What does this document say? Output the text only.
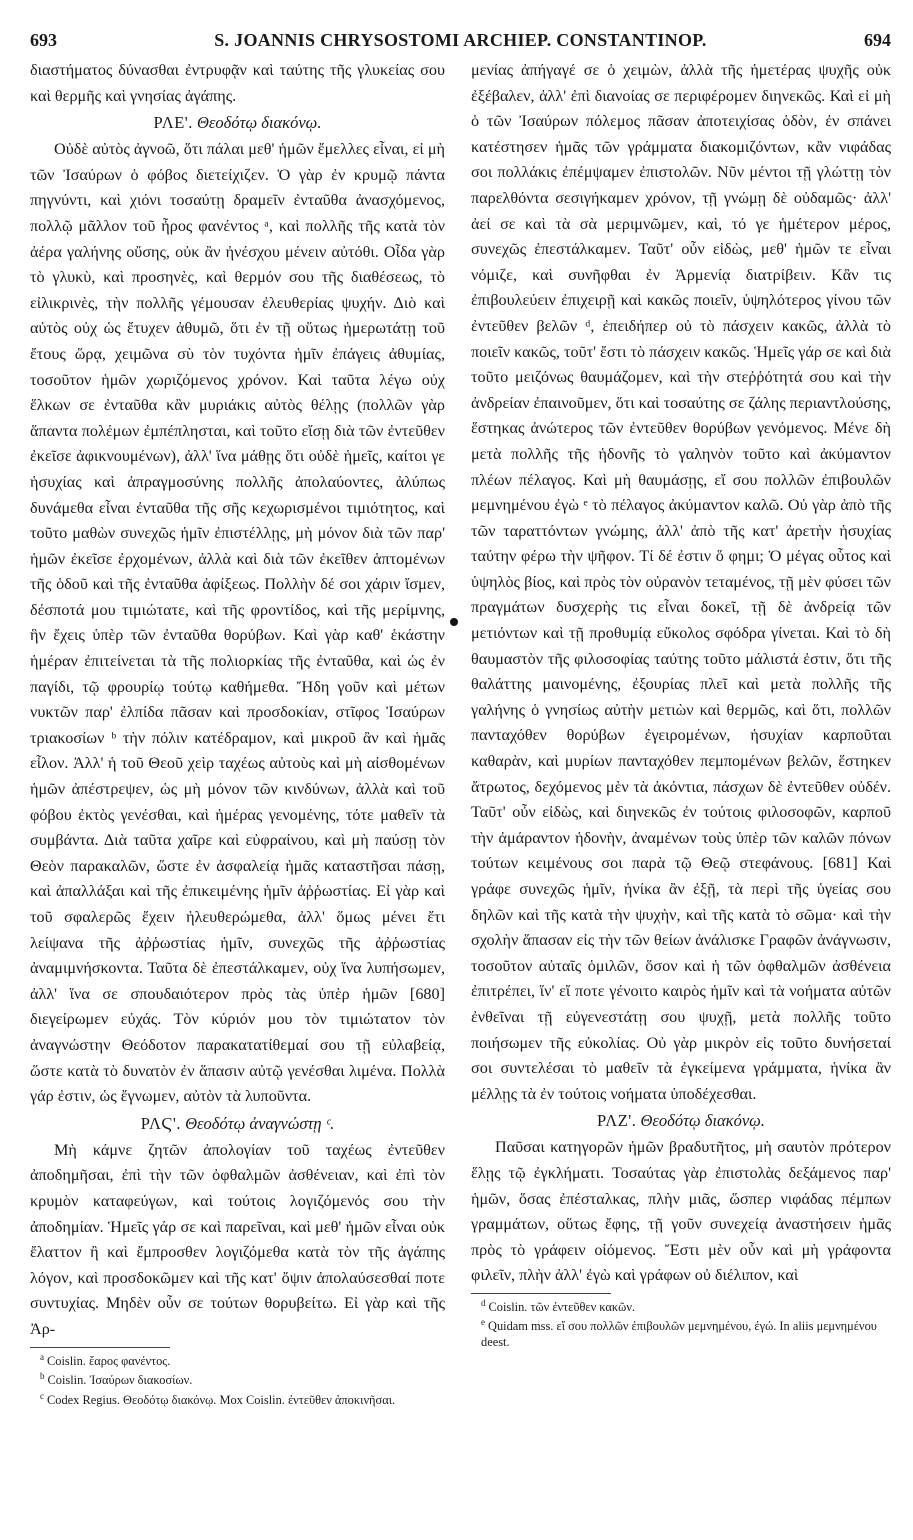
693	S. JOANNIS CHRYSOSTOMI ARCHIEP. CONSTANTINOP.	694

διαστήματος δύνασθαι ἐντρυφᾷν καὶ ταύτης τῆς γλυκείας σου καὶ θερμῆς καὶ γνησίας ἀγάπης.

ΡΛΕ'. Θεοδότῳ διακόνῳ.

Οὐδὲ αὐτὸς ἀγνοῶ, ὅτι πάλαι μεθ' ἡμῶν ἔμελλες εἶναι, εἰ μὴ τῶν Ἰσαύρων ὁ φόβος διετείχιζεν. Ὁ γὰρ ἐν κρυμῷ πάντα πηγνύντι, καὶ χιόνι τοσαύτῃ δραμεῖν ἐνταῦθα ἀνασχόμενος, πολλῷ μᾶλλον τοῦ ἦρος φανέντος ᵃ, καὶ πολλῆς τῆς κατὰ τὸν ἀέρα γαλήνης οὔσης, οὐκ ἂν ἠνέσχου μένειν αὐτόθι. Οἶδα γὰρ τὸ γλυκὺ, καὶ προσηνὲς, καὶ θερμόν σου τῆς διαθέσεως, τὸ εἰλικρινὲς, τὴν πολλῆς γέμουσαν ἐλευθερίας ψυχήν. Διὸ καὶ αὐτὸς οὐχ ὡς ἔτυχεν ἀθυμῶ, ὅτι ἐν τῇ οὕτως ἡμερωτάτῃ τοῦ ἔτους ὥρᾳ, χειμῶνα σὺ τὸν τυχόντα ἡμῖν ἐπάγεις ἀθυμίας, τοσοῦτον ἡμῶν χωριζόμενος χρόνον. Καὶ ταῦτα λέγω οὐχ ἕλκων σε ἐνταῦθα κἂν μυριάκις αὐτὸς θέλῃς (πολλῶν γὰρ ἅπαντα πολέμων ἐμπέπλησται, καὶ τοῦτο εἴσῃ διὰ τῶν ἐντεῦθεν ἐκεῖσε ἀφικνουμένων), ἀλλ' ἵνα μάθῃς ὅτι οὐδὲ ἡμεῖς, καίτοι γε ἡσυχίας καὶ ἀπραγμοσύνης πολλῆς ἀπολαύοντες, ἀλύπως δυνάμεθα εἶναι ἐνταῦθα τῆς σῆς κεχωρισμένοι τιμιότητος, καὶ τοῦτο μαθὼν συνεχῶς ἡμῖν ἐπιστέλλῃς, μὴ μόνον διὰ τῶν παρ' ἡμῶν ἐκεῖσε ἐρχομένων, ἀλλὰ καὶ διὰ τῶν ἐκεῖθεν ἁπτομένων τῆς ὁδοῦ καὶ τῆς ἐνταῦθα ἀφίξεως. Πολλὴν δέ σοι χάριν ἴσμεν, δέσποτά μου τιμιώτατε, καὶ τῆς φροντίδος, καὶ τῆς μερίμνης, ἣν ἔχεις ὑπὲρ τῶν ἐνταῦθα θορύβων. Καὶ γὰρ καθ' ἑκάστην ἡμέραν ἐπιτείνεται τὰ τῆς πολιορκίας τῆς ἐνταῦθα, καὶ ὡς ἐν παγίδι, τῷ φρουρίῳ τούτῳ καθήμεθα. Ἤδη γοῦν καὶ μέτων νυκτῶν παρ' ἐλπίδα πᾶσαν καὶ προσδοκίαν, στῖφος Ἰσαύρων τριακοσίων ᵇ τὴν πόλιν κατέδραμον, καὶ μικροῦ ἂν καὶ ἡμᾶς εἷλον. Ἀλλ' ἡ τοῦ Θεοῦ χεὶρ ταχέως αὐτοὺς καὶ μὴ αἰσθομένων ἡμῶν ἀπέστρεψεν, ὡς μὴ μόνον τῶν κινδύνων, ἀλλὰ καὶ τοῦ φόβου ἐκτὸς γενέσθαι, καὶ ἡμέρας γενομένης, τότε μαθεῖν τὰ συμβάντα. Διὰ ταῦτα χαῖρε καὶ εὐφραίνου, καὶ μὴ παύσῃ τὸν Θεὸν παρακαλῶν, ὥστε ἐν ἀσφαλείᾳ ἡμᾶς καταστῆσαι πάσῃ, καὶ ἀπαλλάξαι καὶ τῆς ἐπικειμένης ἡμῖν ἀῤῥωστίας. Εἰ γὰρ καὶ τοῦ σφαλερῶς ἔχειν ἠλευθερώμεθα, ἀλλ' ὅμως μένει ἔτι λείψανα τῆς ἀῤῥωστίας ἡμῖν, συνεχῶς τῆς ἀῤῥωστίας ἀναμιμνήσκοντα. Ταῦτα δὲ ἐπεστάλκαμεν, οὐχ ἵνα λυπήσωμεν, ἀλλ' ἵνα σε σπουδαιότερον πρὸς τὰς ὑπὲρ ἡμῶν [680] διεγείρωμεν εὐχάς. Τὸν κύριόν μου τὸν τιμιώτατον τὸν ἀναγνώστην Θεόδοτον παρακατατίθεμαί σου τῇ εὐλαβείᾳ, ὥστε κατὰ τὸ δυνατὸν ἐν ἅπασιν αὐτῷ γενέσθαι λιμένα. Πολλὰ γάρ ἐστιν, ὡς ἔγνωμεν, αὐτὸν τὰ λυποῦντα.

ΡΛϚ'. Θεοδότῳ ἀναγνώστῃ ᶜ.

Μὴ κάμνε ζητῶν ἀπολογίαν τοῦ ταχέως ἐντεῦθεν ἀποδημῆσαι, ἐπὶ τὴν τῶν ὀφθαλμῶν ἀσθένειαν, καὶ ἐπὶ τὸν κρυμὸν καταφεύγων, καὶ τούτοις λογιζόμενός σου τὴν ἀποδημίαν. Ἡμεῖς γάρ σε καὶ παρεῖναι, καὶ μεθ' ἡμῶν εἶναι οὐκ ἔλαττον ἢ καὶ ἔμπροσθεν λογιζόμεθα κατὰ τὸν τῆς ἀγάπης λόγον, καὶ προσδοκῶμεν καὶ τῆς κατ' ὄψιν ἀπολαύσεσθαί ποτε συντυχίας. Μηδὲν οὖν σε τούτων θορυβείτω. Εἰ γὰρ καὶ τῆς Ἀρ-

$^a$ Coislin. ἔαρος φανέντος.
$^b$ Coislin. Ἰσαύρων διακοσίων.
$^c$ Codex Regius. Θεοδότῳ διακόνῳ. Mox Coislin. ἐντεῦθεν ἀποκινῆσαι.

μενίας ἀπήγαγέ σε ὁ χειμὼν, ἀλλὰ τῆς ἡμετέρας ψυχῆς οὐκ ἐξέβαλεν, ἀλλ' ἐπὶ διανοίας σε περιφέρομεν διηνεκῶς. Καὶ εἰ μὴ ὁ τῶν Ἰσαύρων πόλεμος πᾶσαν ἀποτειχίσας ὁδὸν, ἐν σπάνει κατέστησεν ἡμᾶς τῶν γράμματα διακομιζόντων, κἂν νιφάδας σοι πολλάκις ἐπέμψαμεν ἐπιστολῶν. Νῦν μέντοι τῇ γλώττῃ τὸν παρελθόντα σεσιγήκαμεν χρόνον, τῇ γνώμῃ δὲ οὐδαμῶς· ἀλλ' ἀεί σε καὶ τὰ σὰ μεριμνῶμεν, καὶ, τό γε ἡμέτερον μέρος, συνεχῶς ἐπεστάλκαμεν. Ταῦτ' οὖν εἰδὼς, μεθ' ἡμῶν τε εἶναι νόμιζε, καὶ συνῆφθαι ἐν Ἀρμενίᾳ διατρίβειν. Κἂν τις ἐπιβουλεύειν ἐπιχειρῇ καὶ κακῶς ποιεῖν, ὑψηλότερος γίνου τῶν ἐντεῦθεν βελῶν ᵈ, ἐπειδήπερ οὐ τὸ πάσχειν κακῶς, ἀλλὰ τὸ ποιεῖν κακῶς, τοῦτ' ἔστι τὸ πάσχειν κακῶς. Ἡμεῖς γάρ σε καὶ διὰ τοῦτο μειζόνως θαυμάζομεν, καὶ τὴν στεῤῥότητά σου καὶ τὴν ἀνδρείαν ἐπαινοῦμεν, ὅτι καὶ τοσαύτης σε ζάλης περιαντλούσης, ἕστηκας ἀνώτερος τῶν ἐντεῦθεν θορύβων γενόμενος. Μένε δὴ μετὰ πολλῆς τῆς ἡδονῆς τὸ γαληνὸν τοῦτο καὶ ἀκύμαντον πλέων πέλαγος. Καὶ μὴ θαυμάσῃς, εἴ σου πολλῶν ἐπιβουλῶν μεμνημένου ἐγὼ ᵉ τὸ πέλαγος ἀκύμαντον καλῶ. Οὐ γὰρ ἀπὸ τῆς τῶν ταραττόντων γνώμης, ἀλλ' ἀπὸ τῆς κατ' ἀρετὴν ἡσυχίας ταύτην φέρω τὴν ψῆφον. Τί δέ ἐστιν ὅ φημι; Ὁ μέγας οὗτος καὶ ὑψηλὸς βίος, καὶ πρὸς τὸν οὐρανὸν τεταμένος, τῇ μὲν φύσει τῶν πραγμάτων δυσχερὴς τις εἶναι δοκεῖ, τῇ δὲ ἀνδρείᾳ τῶν μετιόντων καὶ τῇ προθυμίᾳ εὔκολος σφόδρα γίνεται. Καὶ τὸ δὴ θαυμαστὸν τῆς φιλοσοφίας ταύτης τοῦτο μάλιστά ἐστιν, ὅτι τῆς θαλάττης μαινομένης, ἐξουρίας πλεῖ καὶ μετὰ πολλῆς τῆς γαλήνης ὁ γνησίως αὐτὴν μετιὼν καὶ θερμῶς, καὶ ὅτι, πολλῶν πανταχόθεν θορύβων ἐγειρομένων, ἡσυχίαν καρποῦται καθαρὰν, καὶ μυρίων πανταχόθεν πεμπομένων βελῶν, ἕστηκεν ἄτρωτος, δεχόμενος μὲν τὰ ἀκόντια, πάσχων δὲ ἐντεῦθεν οὐδέν. Ταῦτ' οὖν εἰδὼς, καὶ διηνεκῶς ἐν τούτοις φιλοσοφῶν, καρποῦ τὴν ἀμάραντον ἡδονὴν, ἀναμένων τοὺς ὑπὲρ τῶν καλῶν πόνων τούτων κειμένους σοι παρὰ τῷ Θεῷ στεφάνους. [681] Καὶ γράφε συνεχῶς ἡμῖν, ἡνίκα ἂν ἐξῇ, τὰ περὶ τῆς ὑγείας σου δηλῶν καὶ τῆς κατὰ τὴν ψυχὴν, καὶ τῆς κατὰ τὸ σῶμα· καὶ τὴν σχολὴν ἅπασαν εἰς τὴν τῶν θείων ἀνάλισκε Γραφῶν ἀνάγνωσιν, τοσοῦτον αὐταῖς ὁμιλῶν, ὅσον καὶ ἡ τῶν ὀφθαλμῶν ἀσθένεια ἐπιτρέπει, ἵν' εἴ ποτε γένοιτο καιρὸς ἡμῖν καὶ τὰ νοήματα αὐτῶν ἐνθεῖναι τῇ εὐγενεστάτῃ σου ψυχῇ, μετὰ πολλῆς τοῦτο ποιήσωμεν τῆς εὐκολίας. Οὐ γὰρ μικρὸν εἰς τοῦτο δυνήσεταί σοι συντελέσαι τὸ μαθεῖν τὰ ἐγκείμενα γράμματα, ἡνίκα ἂν μέλλῃς τὰ ἐν τούτοις νοήματα ὑποδέχεσθαι.

ΡΛΖ'. Θεοδότῳ διακόνῳ.

Παῦσαι κατηγορῶν ἡμῶν βραδυτῆτος, μὴ σαυτὸν πρότερον ἕλῃς τῷ ἐγκλήματι. Τοσαύτας γὰρ ἐπιστολὰς δεξάμενος παρ' ἡμῶν, ὅσας ἐπέσταλκας, πλὴν μιᾶς, ὥσπερ νιφάδας πέμπων γραμμάτων, οὕτως ἔφης, τῇ γοῦν συνεχείᾳ ἀναστήσειν ἡμᾶς πρὸς τὸ γράφειν οἰόμενος. Ἔστι μὲν οὖν καὶ μὴ γράφοντα φιλεῖν, πλὴν ἀλλ' ἐγὼ καὶ γράφων οὐ διέλιπον, καὶ

$^d$ Coislin. τῶν ἐντεῦθεν κακῶν.
$^e$ Quidam mss. εἴ σου πολλῶν ἐπιβουλῶν μεμνημένου, ἐγώ. In aliis μεμνημένου deest.
